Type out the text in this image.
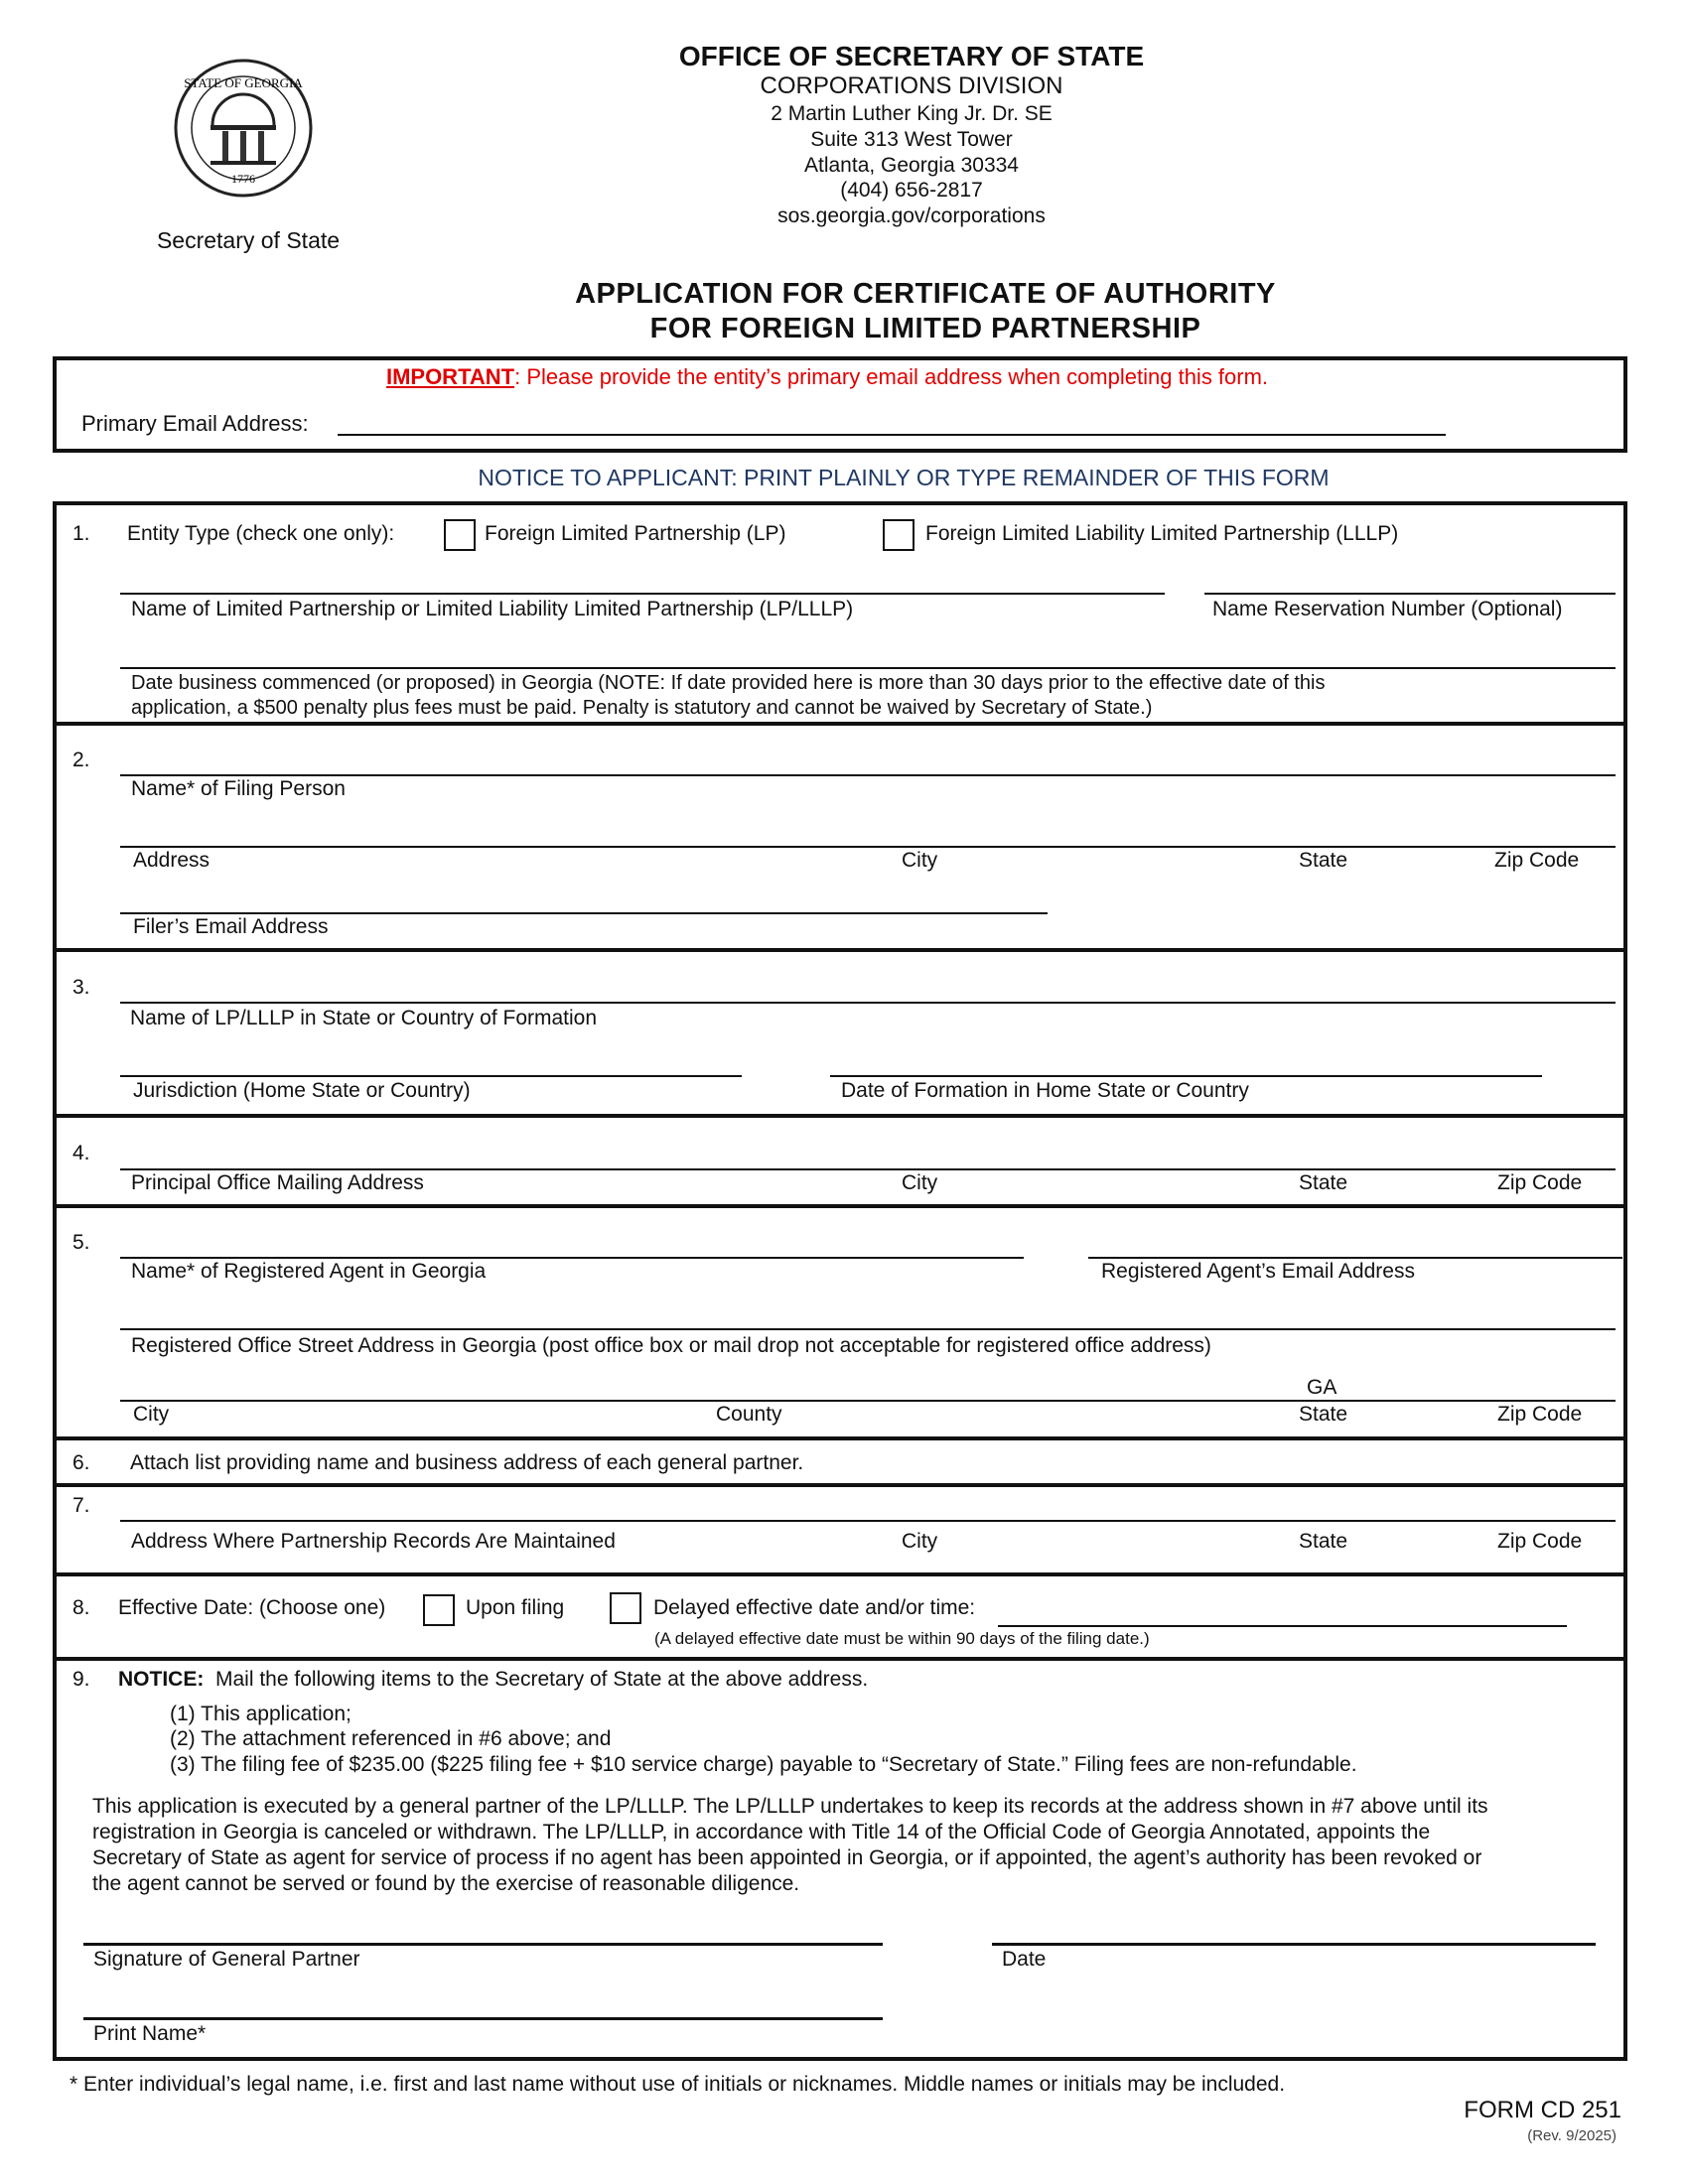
STATE OF GEORGIA
1776
Secretary of State
OFFICE OF SECRETARY OF STATE
CORPORATIONS DIVISION
2 Martin Luther King Jr. Dr. SE
Suite 313 West Tower
Atlanta, Georgia 30334
(404) 656-2817
sos.georgia.gov/corporations
APPLICATION FOR CERTIFICATE OF AUTHORITY
FOR FOREIGN LIMITED PARTNERSHIP
IMPORTANT: Please provide the entity’s primary email address when completing this form.
Primary Email Address:
NOTICE TO APPLICANT: PRINT PLAINLY OR TYPE REMAINDER OF THIS FORM
1. Entity Type (check one only):	Foreign Limited Partnership (LP)	Foreign Limited Liability Limited Partnership (LLLP)
Name of Limited Partnership or Limited Liability Limited Partnership (LP/LLLP)	Name Reservation Number (Optional)
Date business commenced (or proposed) in Georgia (NOTE: If date provided here is more than 30 days prior to the effective date of this
application, a $500 penalty plus fees must be paid. Penalty is statutory and cannot be waived by Secretary of State.)
2.
Name* of Filing Person
Address	City	State	Zip Code
Filer’s Email Address
3.
Name of LP/LLLP in State or Country of Formation
Jurisdiction (Home State or Country)	Date of Formation in Home State or Country
4.
Principal Office Mailing Address	City	State	Zip Code
5.
Name* of Registered Agent in Georgia	Registered Agent’s Email Address
Registered Office Street Address in Georgia (post office box or mail drop not acceptable for registered office address)
GA
City	County	State	Zip Code
6. Attach list providing name and business address of each general partner.
7.
Address Where Partnership Records Are Maintained	City	State	Zip Code
8. Effective Date: (Choose one)	Upon filing	Delayed effective date and/or time:
(A delayed effective date must be within 90 days of the filing date.)
9. NOTICE: Mail the following items to the Secretary of State at the above address.
(1) This application;
(2) The attachment referenced in #6 above; and
(3) The filing fee of $235.00 ($225 filing fee + $10 service charge) payable to “Secretary of State.” Filing fees are non-refundable.
This application is executed by a general partner of the LP/LLLP. The LP/LLLP undertakes to keep its records at the address shown in #7 above until its
registration in Georgia is canceled or withdrawn. The LP/LLLP, in accordance with Title 14 of the Official Code of Georgia Annotated, appoints the
Secretary of State as agent for service of process if no agent has been appointed in Georgia, or if appointed, the agent’s authority has been revoked or
the agent cannot be served or found by the exercise of reasonable diligence.
Signature of General Partner	Date
Print Name*
* Enter individual’s legal name, i.e. first and last name without use of initials or nicknames. Middle names or initials may be included.
FORM CD 251
(Rev. 9/2025)
